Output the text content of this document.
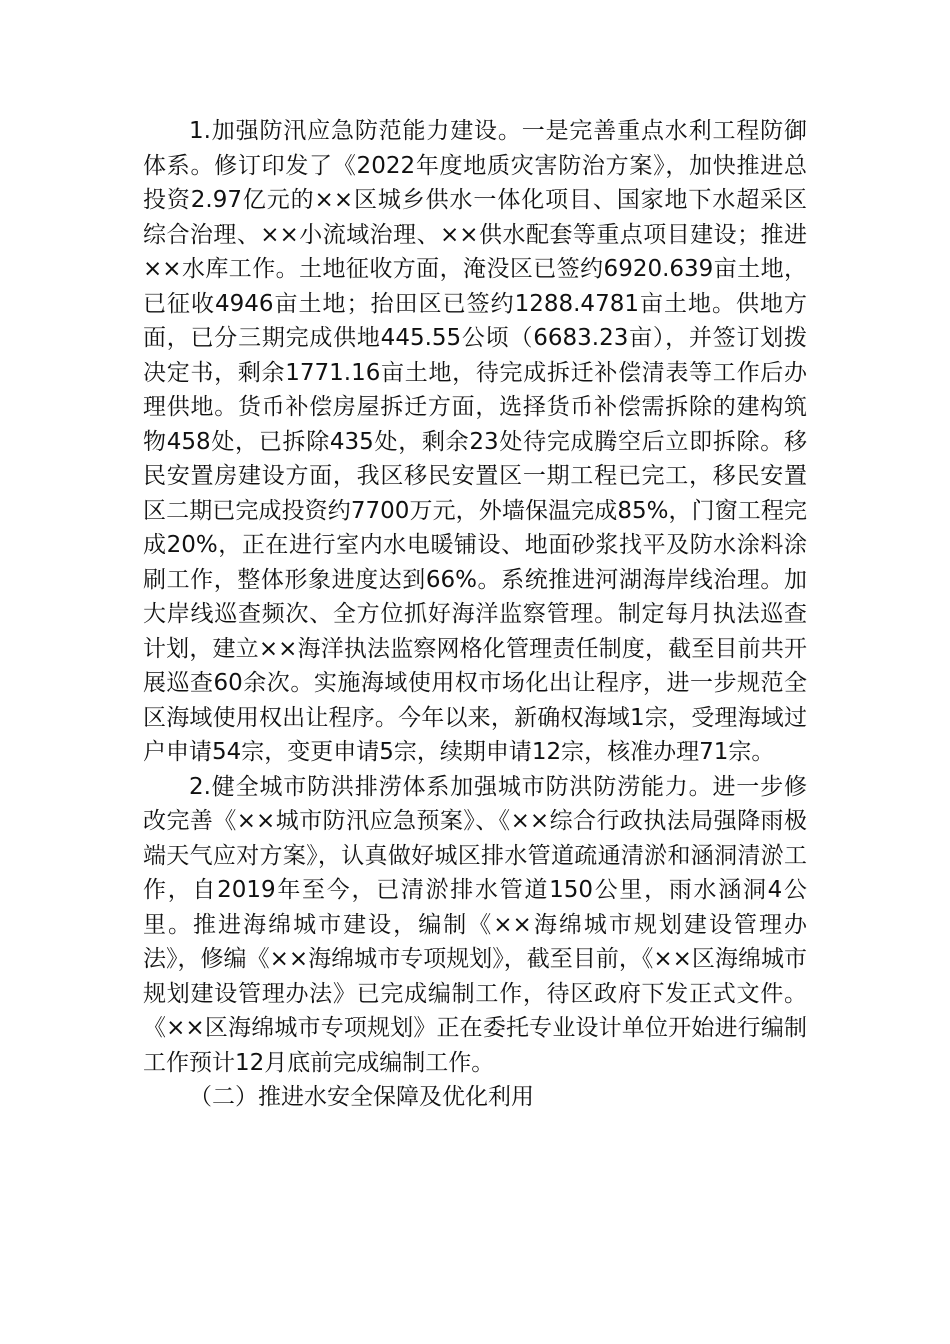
1.加强防汛应急防范能力建设。一是完善重点水利工程防御体系。修订印发了《2022年度地质灾害防治方案》，加快推进总投资2.97亿元的××区城乡供水一体化项目、国家地下水超采区综合治理、××小流域治理、××供水配套等重点项目建设；推进××水库工作。土地征收方面，淹没区已签约6920.639亩土地，已征收4946亩土地；抬田区已签约1288.4781亩土地。供地方面，已分三期完成供地445.55公顷（6683.23亩），并签订划拨决定书，剩余1771.16亩土地，待完成拆迁补偿清表等工作后办理供地。货币补偿房屋拆迁方面，选择货币补偿需拆除的建构筑物458处，已拆除435处，剩余23处待完成腾空后立即拆除。移民安置房建设方面，我区移民安置区一期工程已完工，移民安置区二期已完成投资约7700万元，外墙保温完成85%，门窗工程完成20%，正在进行室内水电暖铺设、地面砂浆找平及防水涂料涂刷工作，整体形象进度达到66%。系统推进河湖海岸线治理。加大岸线巡查频次、全方位抓好海洋监察管理。制定每月执法巡查计划，建立××海洋执法监察网格化管理责任制度，截至目前共开展巡查60余次。实施海域使用权市场化出让程序，进一步规范全区海域使用权出让程序。今年以来，新确权海域1宗，受理海域过户申请54宗，变更申请5宗，续期申请12宗，核准办理71宗。

2.健全城市防洪排涝体系加强城市防洪防涝能力。进一步修改完善《××城市防汛应急预案》、《××综合行政执法局强降雨极端天气应对方案》，认真做好城区排水管道疏通清淤和涵洞清淤工作，自2019年至今，已清淤排水管道150公里，雨水涵洞4公里。推进海绵城市建设，编制《××海绵城市规划建设管理办法》，修编《××海绵城市专项规划》，截至目前，《××区海绵城市规划建设管理办法》已完成编制工作，待区政府下发正式文件。《××区海绵城市专项规划》正在委托专业设计单位开始进行编制工作预计12月底前完成编制工作。

（二）推进水安全保障及优化利用
